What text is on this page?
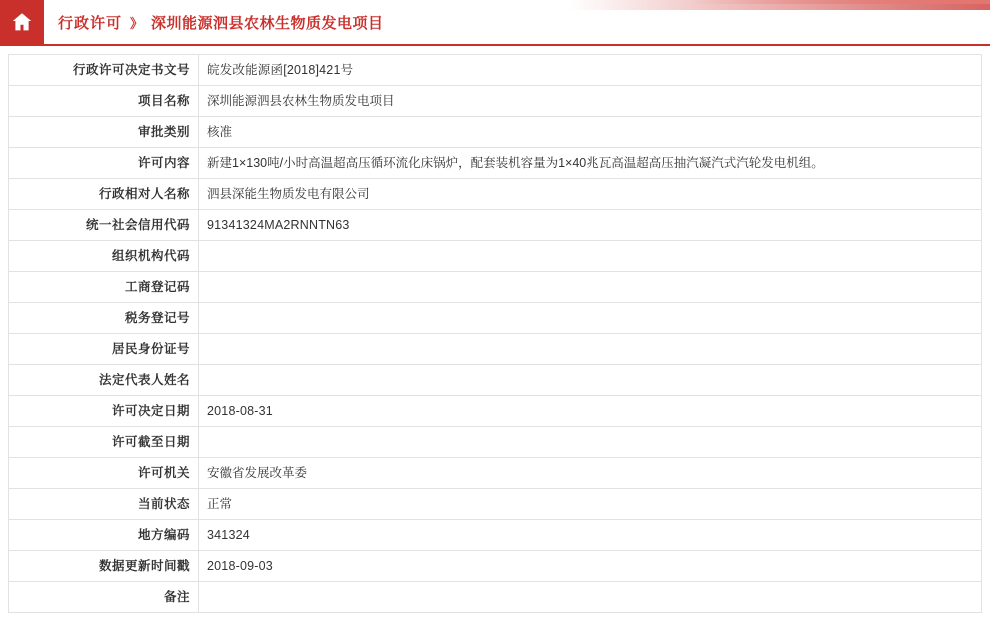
行政许可 》 深圳能源泗县农林生物质发电项目
行政许可决定书文号	皖发改能源函[2018]421号
项目名称	深圳能源泗县农林生物质发电项目
审批类别	核准
许可内容	新建1×130吨/小时高温超高压循环流化床锅炉，配套装机容量为1×40兆瓦高温超高压抽汽凝汽式汽轮发电机组。
行政相对人名称	泗县深能生物质发电有限公司
统一社会信用代码	91341324MA2RNNTN63
组织机构代码	
工商登记码	
税务登记号	
居民身份证号	
法定代表人姓名	
许可决定日期	2018-08-31
许可截至日期	
许可机关	安徽省发展改革委
当前状态	正常
地方编码	341324
数据更新时间戳	2018-09-03
备注	
